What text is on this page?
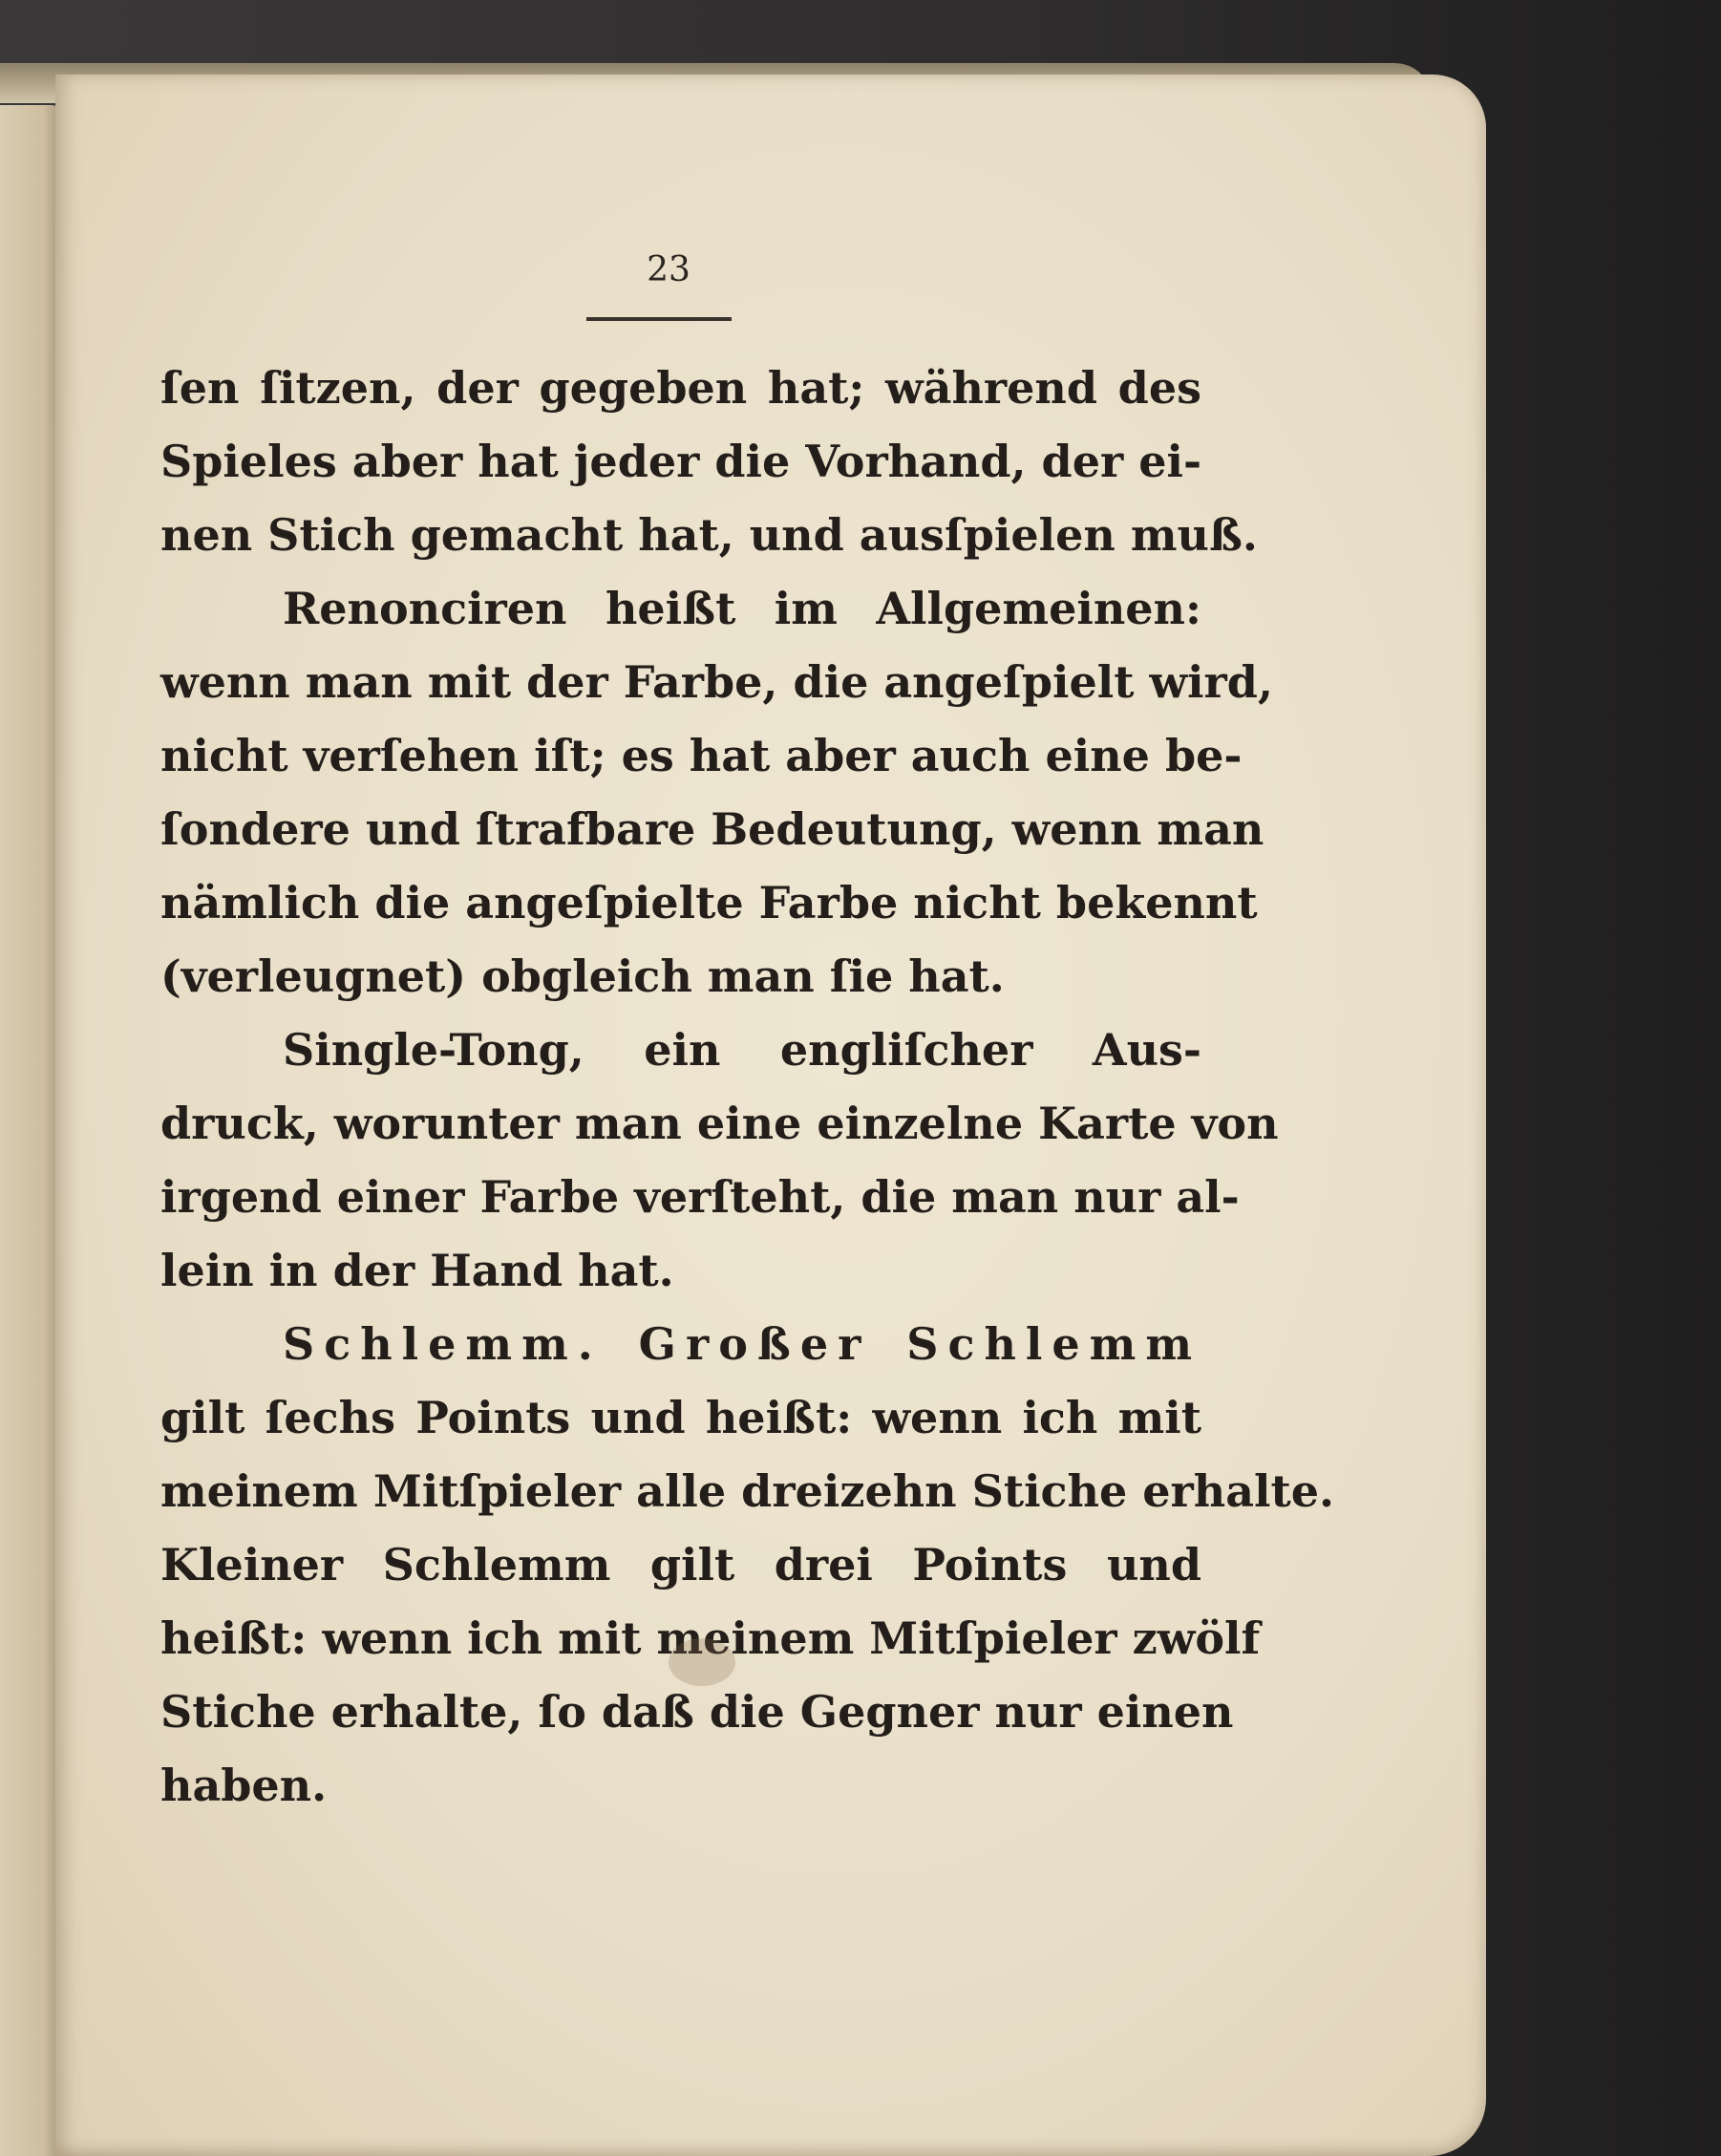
23
ſen ſitzen, der gegeben hat; während des
Spieles aber hat jeder die Vorhand, der ei-
nen Stich gemacht hat, und ausſpielen muß.
Renonciren heißt im Allgemeinen:
wenn man mit der Farbe, die angeſpielt wird,
nicht verſehen iſt; es hat aber auch eine be-
ſondere und ſtrafbare Bedeutung, wenn man
nämlich die angeſpielte Farbe nicht bekennt
(verleugnet) obgleich man ſie hat.
Single-Tong, ein engliſcher Aus-
druck, worunter man eine einzelne Karte von
irgend einer Farbe verſteht, die man nur al-
lein in der Hand hat.
Schlemm. Großer Schlemm
gilt ſechs Points und heißt: wenn ich mit
meinem Mitſpieler alle dreizehn Stiche erhalte.
Kleiner Schlemm gilt drei Points und
heißt: wenn ich mit meinem Mitſpieler zwölf
Stiche erhalte, ſo daß die Gegner nur einen
haben.
